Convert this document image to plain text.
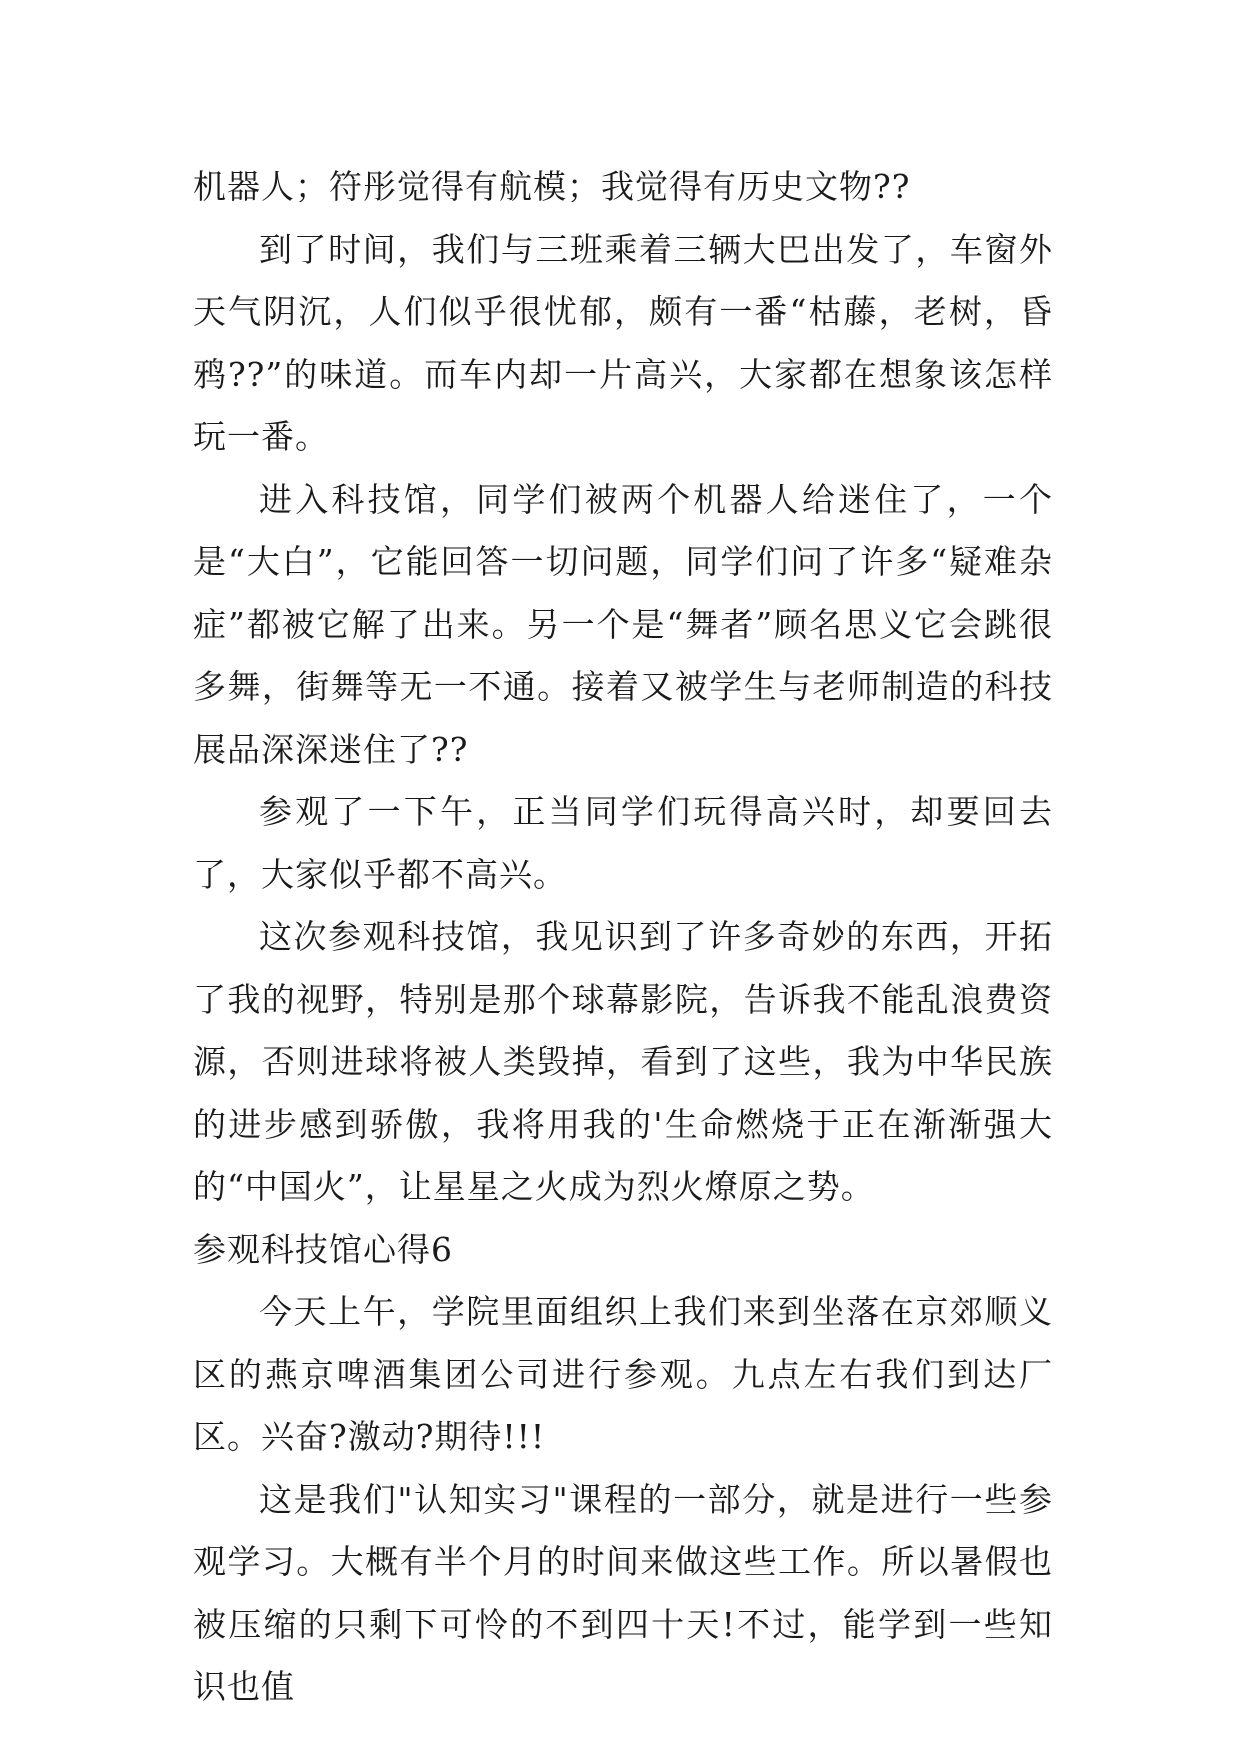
机器人；符彤觉得有航模；我觉得有历史文物??

到了时间，我们与三班乘着三辆大巴出发了，车窗外天气阴沉，人们似乎很忧郁，颇有一番“枯藤，老树，昏鸦??”的味道。而车内却一片高兴，大家都在想象该怎样玩一番。

进入科技馆，同学们被两个机器人给迷住了，一个是“大白”，它能回答一切问题，同学们问了许多“疑难杂症”都被它解了出来。另一个是“舞者”顾名思义它会跳很多舞，街舞等无一不通。接着又被学生与老师制造的科技展品深深迷住了??

参观了一下午，正当同学们玩得高兴时，却要回去了，大家似乎都不高兴。

这次参观科技馆，我见识到了许多奇妙的东西，开拓了我的视野，特别是那个球幕影院，告诉我不能乱浪费资源，否则进球将被人类毁掉，看到了这些，我为中华民族的进步感到骄傲，我将用我的'生命燃烧于正在渐渐强大的“中国火”，让星星之火成为烈火燎原之势。

参观科技馆心得6

今天上午，学院里面组织上我们来到坐落在京郊顺义区的燕京啤酒集团公司进行参观。九点左右我们到达厂区。兴奋?激动?期待!!!

这是我们"认知实习"课程的一部分，就是进行一些参观学习。大概有半个月的时间来做这些工作。所以暑假也被压缩的只剩下可怜的不到四十天!不过，能学到一些知识也值
